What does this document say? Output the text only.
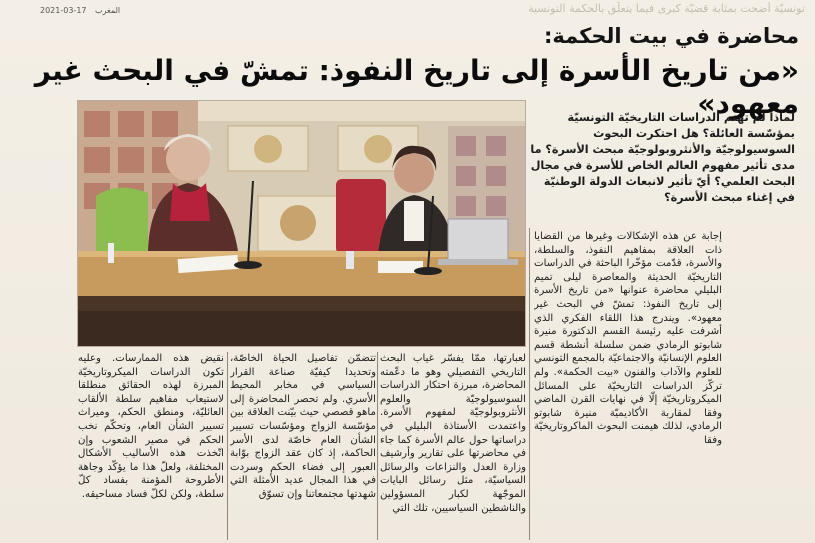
2021-03-17 المغرب	تونسيّة أضحت بمثابة قضيّة كبرى فيما يتعلّق بالحكمة التونسية
محاضرة في بيت الحكمة:
«من تاريخ الأسرة إلى تاريخ النفوذ: تمشّ في البحث غير معهود»
لماذا لم تهتم الدراسات التاريخيّة التونسيّة بمؤسّسة العائلة؟ هل احتكرت البحوث السوسيولوجيّة والأنثروبولوجيّة مبحث الأسرة؟ ما مدى تأثير مفهوم العالم الخاص للأسرة في مجال البحث العلمي؟ أيّ تأثير لانبعاث الدولة الوطنيّة في إغناء مبحث الأسرة؟

إجابة عن هذه الإشكالات وغيرها من القضايا ذات العلاقة بمفاهيم النفوذ، والسلطة، والأسرة، قدّمت مؤخّرا الباحثة في الدراسات التاريخيّة الحديثة والمعاصرة ليلى تميم البليلي محاضرة عنوانها «من تاريخ الأسرة إلى تاريخ النفوذ: تمشّ في البحث غير معهود». ويندرج هذا اللقاء الفكري الذي أشرفت عليه رئيسة القسم الدكتورة منيرة شابوتو الرمادي ضمن سلسلة أنشطة قسم العلوم الإنسانيّة والاجتماعيّة بالمجمع التونسي للعلوم والآداب والفنون «بيت الحكمة». ولم تركّز الدراسات التاريخيّة على المسائل الميكروتاريخيّة إلّا في نهايات القرن الماضي وفقا لمقاربة الأكاديميّة منيرة شابوتو الرمادي، لذلك هيمنت البحوث الماكروتاريخيّة وفقا

لعبارتها، ممّا يفسّر غياب البحث التاريخي التفصيلي وهو ما دعّمته المحاضرة، مبرزة احتكار الدراسات السوسيولوجيّة والعلوم الأنثروبولوجيّة لمفهوم الأسرة. واعتمدت الأستاذة البليلي في دراساتها حول عالم الأسرة كما جاء في محاضرتها على تقارير وأرشيف وزارة العدل والنزاعات والرسائل السياسيّة، مثل رسائل البايات الموجّهة لكبار المسؤولين والناشطين السياسيين، تلك التي

تتضمّن تفاصيل الحياة الخاصّة، وتحديدا كيفيّة صناعة القرار السياسي في مخابر المحيط الأسري. ولم تحصر المحاضرة إلى ماهو قصصي حيث بيّنت العلاقة بين مؤسّسة الزواج ومؤسّسات تسيير الشأن العام خاصّة لدى الأسر الحاكمة، إذ كان عقد الزواج بوّابة العبور إلى فضاء الحكم وسردت في هذا المجال عديد الأمثلة التي شهدتها مجتمعاتنا وإن تسوّق

نقيض هذه الممارسات. وعليه تكون الدراسات الميكروتاريخيّة المبرزة لهذه الحقائق منطلقا لاستيعاب مفاهيم سلطة الألقاب العائليّة، ومنطق الحكم، وميراث تسيير الشأن العام، وتحكّم نخب الحكم في مصير الشعوب وإن اتّخذت هذه الأساليب الأشكال المختلفة، ولعلّ هذا ما يؤكّد وجاهة الأطروحة المؤمنة بفساد كلّ سلطة، ولكن لكلّ فساد مساحيقه.
